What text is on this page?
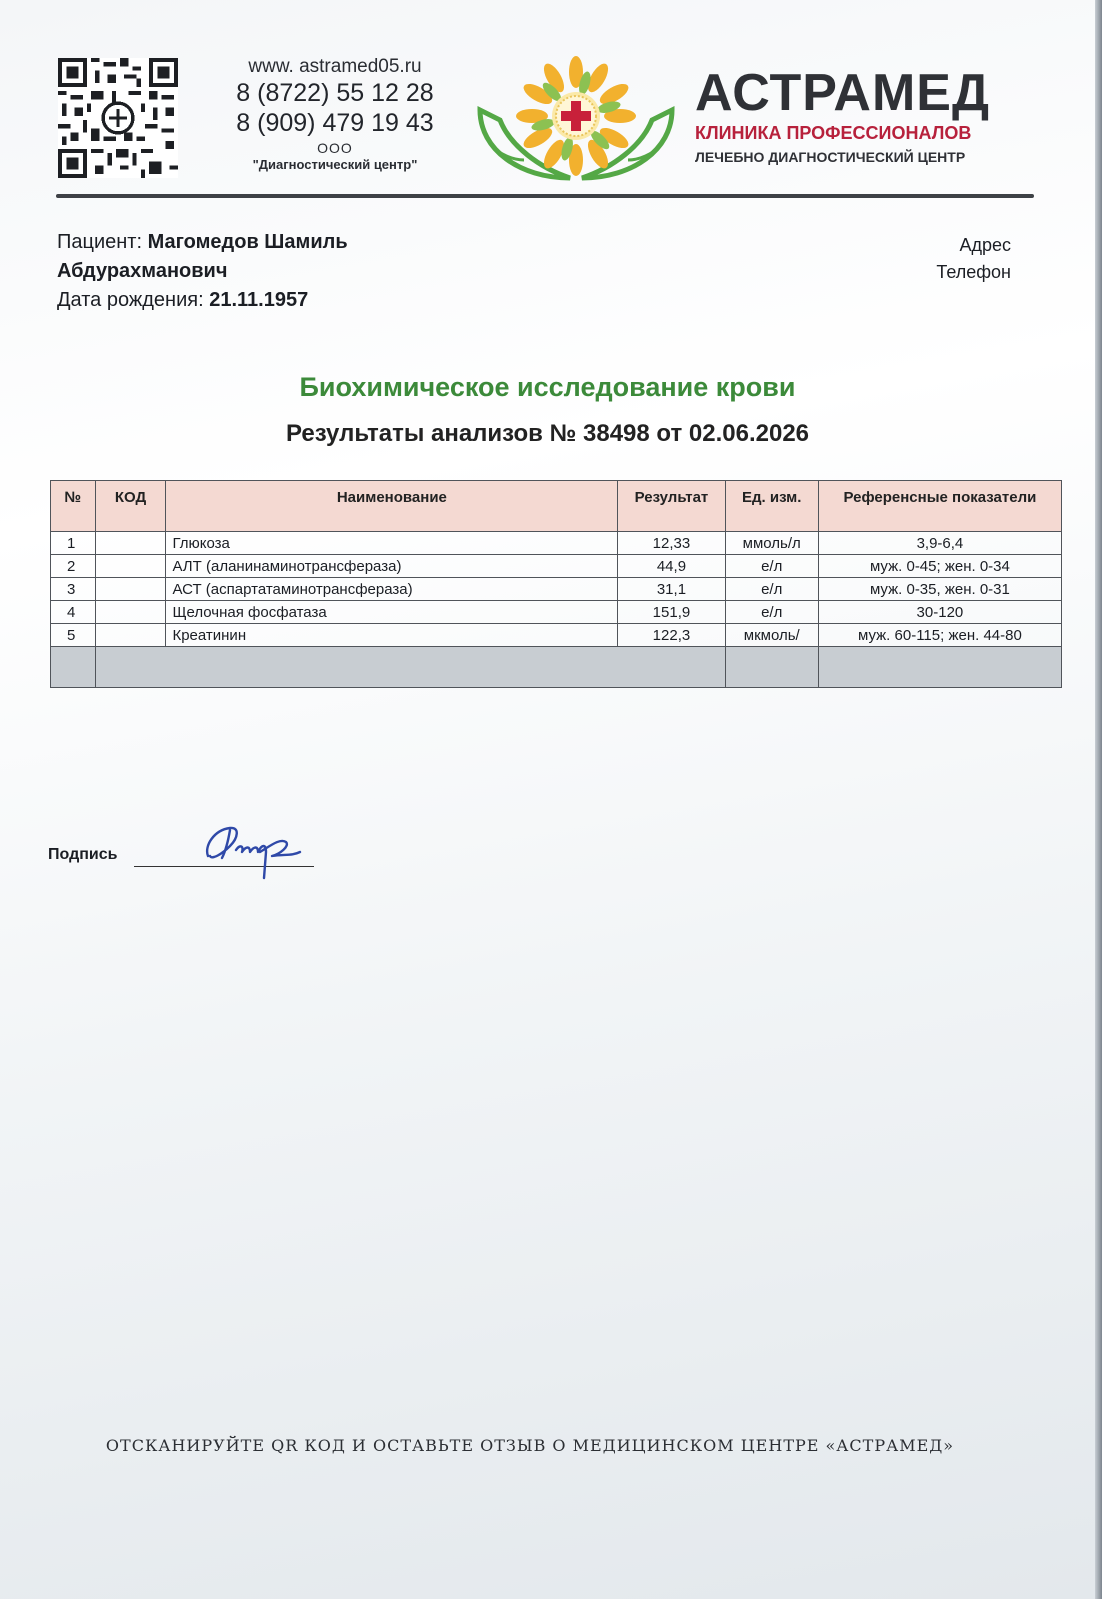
www. astramed05.ru
8 (8722) 55 12 28
8 (909) 479 19 43
ООО
"Диагностический центр"
АСТРАМЕД
КЛИНИКА ПРОФЕССИОНАЛОВ
ЛЕЧЕБНО ДИАГНОСТИЧЕСКИЙ ЦЕНТР
Пациент: Магомедов Шамиль
Абдурахманович
Дата рождения: 21.11.1957
Адрес
Телефон
Биохимическое исследование крови
Результаты анализов № 38498 от 02.06.2026
№	КОД	Наименование	Результат	Ед. изм.	Референсные показатели
1		Глюкоза	12,33	ммоль/л	3,9-6,4
2		АЛТ (аланинаминотрансфераза)	44,9	е/л	муж. 0-45; жен. 0-34
3		АСТ (аспартатаминотрансфераза)	31,1	е/л	муж. 0-35, жен. 0-31
4		Щелочная фосфатаза	151,9	е/л	30-120
5		Креатинин	122,3	мкмоль/	муж. 60-115; жен. 44-80

Подпись
ОТСКАНИРУЙТЕ QR КОД И ОСТАВЬТЕ ОТЗЫВ О МЕДИЦИНСКОМ ЦЕНТРЕ «АСТРАМЕД»
